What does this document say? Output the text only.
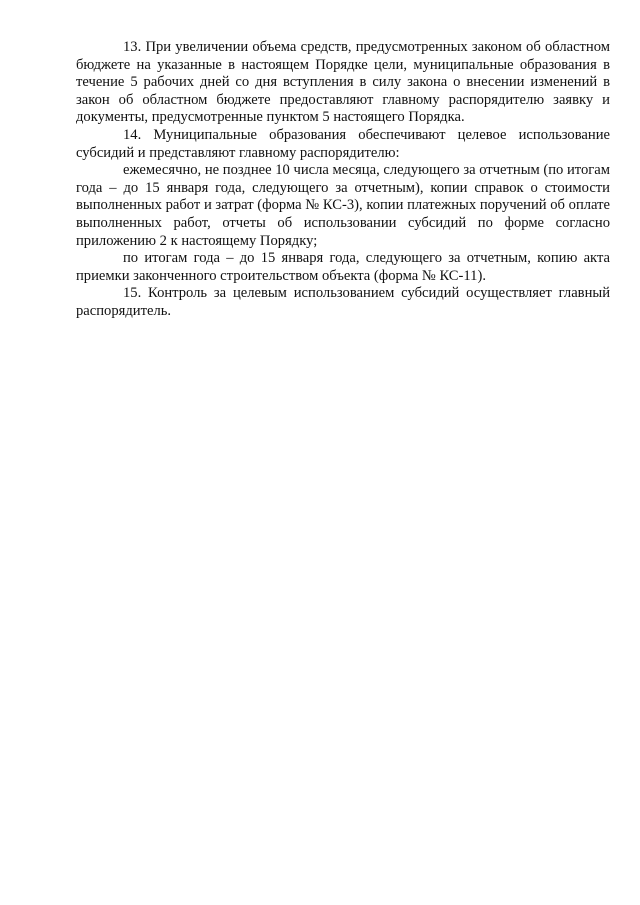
13. При увеличении объема средств, предусмотренных законом об областном бюджете на указанные в настоящем Порядке цели, муниципальные образования в течение 5 рабочих дней со дня вступления в силу закона о внесении изменений в закон об областном бюджете предоставляют главному распорядителю заявку и документы, предусмотренные пунктом 5 настоящего Порядка.

14. Муниципальные образования обеспечивают целевое использование субсидий и представляют главному распорядителю:

ежемесячно, не позднее 10 числа месяца, следующего за отчетным (по итогам года – до 15 января года, следующего за отчетным), копии справок о стоимости выполненных работ и затрат (форма № КС-3), копии платежных поручений об оплате выполненных работ, отчеты об использовании субсидий по форме согласно приложению 2 к настоящему Порядку;

по итогам года – до 15 января года, следующего за отчетным, копию акта приемки законченного строительством объекта (форма № КС-11).

15. Контроль за целевым использованием субсидий осуществляет главный распорядитель.
